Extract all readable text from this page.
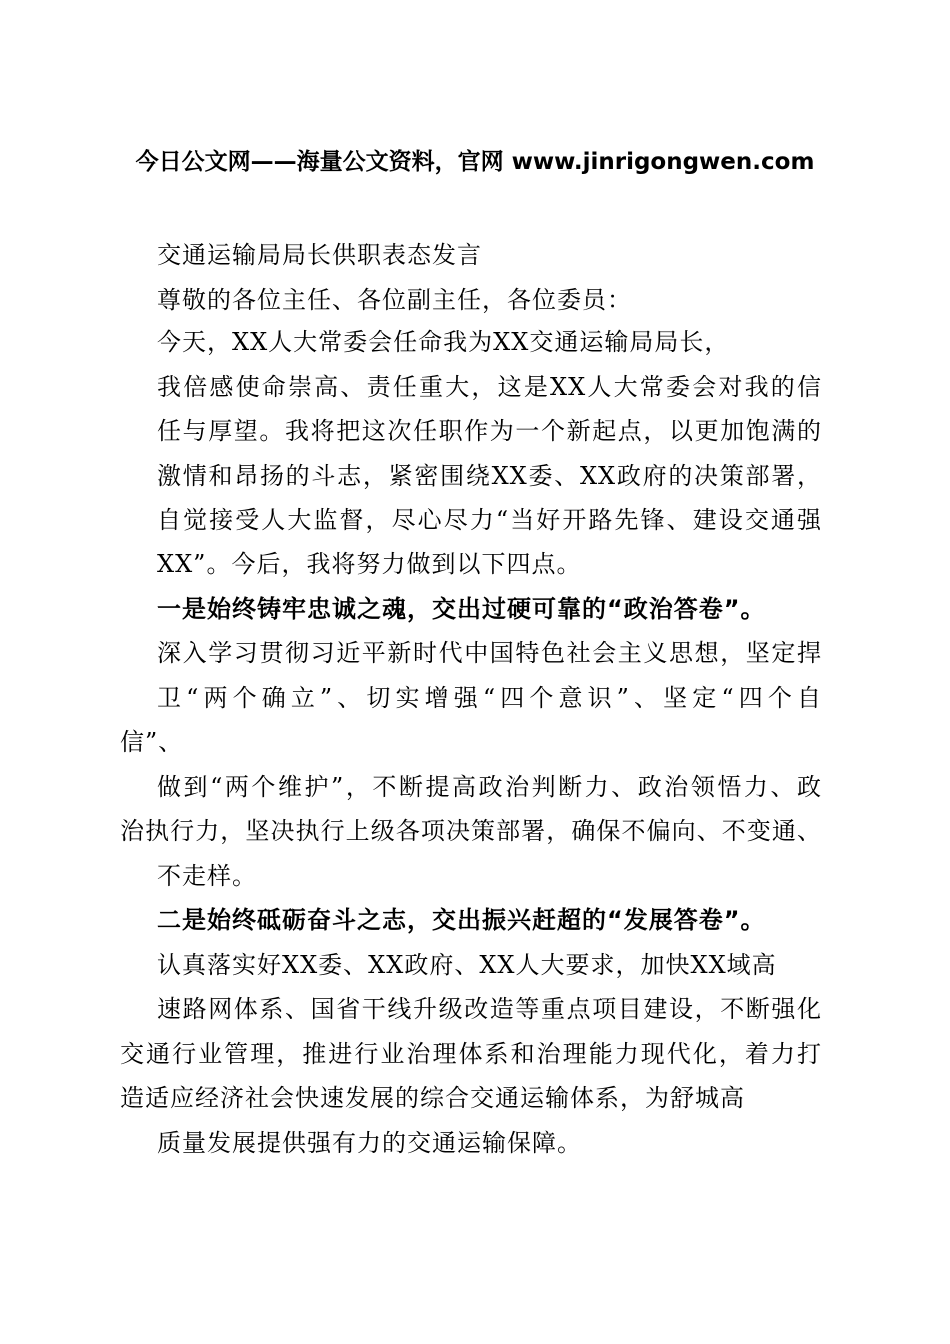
今日公文网——海量公文资料，官网 www.jinrigongwen.com
交通运输局局长供职表态发言
尊敬的各位主任、各位副主任，各位委员：
今天，XX人大常委会任命我为XX交通运输局局长，
我倍感使命崇高、责任重大，这是XX人大常委会对我的信
任与厚望。我将把这次任职作为一个新起点，以更加饱满的
激情和昂扬的斗志，紧密围绕XX委、XX政府的决策部署，
自觉接受人大监督，尽心尽力“当好开路先锋、建设交通强
XX”。今后，我将努力做到以下四点。
一是始终铸牢忠诚之魂，交出过硬可靠的“政治答卷”。
深入学习贯彻习近平新时代中国特色社会主义思想，坚定捍
卫“两个确立”、切实增强“四个意识”、坚定“四个自
信”、
做到“两个维护”，不断提高政治判断力、政治领悟力、政
治执行力，坚决执行上级各项决策部署，确保不偏向、不变通、
不走样。
二是始终砥砺奋斗之志，交出振兴赶超的“发展答卷”。
认真落实好XX委、XX政府、XX人大要求，加快XX域高
速路网体系、国省干线升级改造等重点项目建设，不断强化
交通行业管理，推进行业治理体系和治理能力现代化，着力打
造适应经济社会快速发展的综合交通运输体系，为舒城高
质量发展提供强有力的交通运输保障。
